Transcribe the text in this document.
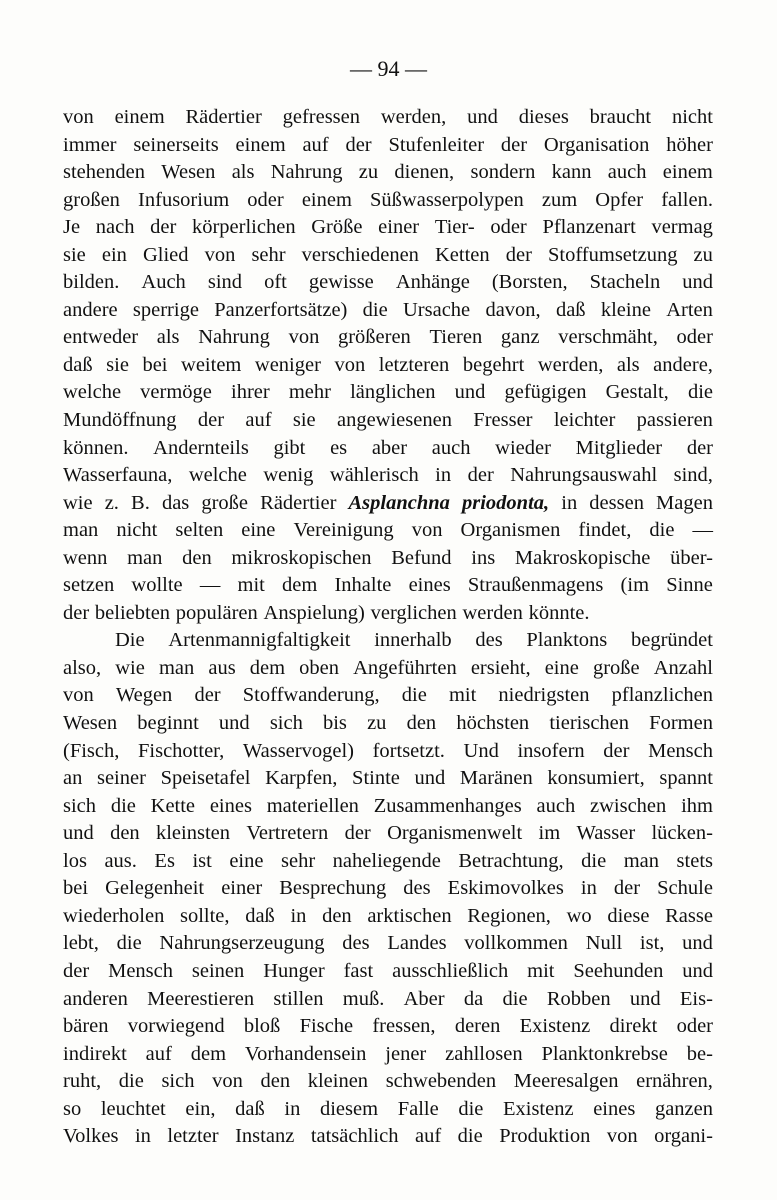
— 94 —
von einem Rädertier gefressen werden, und dieses braucht nicht
immer seinerseits einem auf der Stufenleiter der Organisation höher
stehenden Wesen als Nahrung zu dienen, sondern kann auch einem
großen Infusorium oder einem Süßwasserpolypen zum Opfer fallen.
Je nach der körperlichen Größe einer Tier- oder Pflanzenart vermag
sie ein Glied von sehr verschiedenen Ketten der Stoffumsetzung zu
bilden. Auch sind oft gewisse Anhänge (Borsten, Stacheln und
andere sperrige Panzerfortsätze) die Ursache davon, daß kleine Arten
entweder als Nahrung von größeren Tieren ganz verschmäht, oder
daß sie bei weitem weniger von letzteren begehrt werden, als andere,
welche vermöge ihrer mehr länglichen und gefügigen Gestalt, die
Mundöffnung der auf sie angewiesenen Fresser leichter passieren
können. Andernteils gibt es aber auch wieder Mitglieder der
Wasserfauna, welche wenig wählerisch in der Nahrungsauswahl sind,
wie z. B. das große Rädertier Asplanchna priodonta, in dessen Magen
man nicht selten eine Vereinigung von Organismen findet, die —
wenn man den mikroskopischen Befund ins Makroskopische über-
setzen wollte — mit dem Inhalte eines Straußenmagens (im Sinne
der beliebten populären Anspielung) verglichen werden könnte.
Die Artenmannigfaltigkeit innerhalb des Planktons begründet
also, wie man aus dem oben Angeführten ersieht, eine große Anzahl
von Wegen der Stoffwanderung, die mit niedrigsten pflanzlichen
Wesen beginnt und sich bis zu den höchsten tierischen Formen
(Fisch, Fischotter, Wasservogel) fortsetzt. Und insofern der Mensch
an seiner Speisetafel Karpfen, Stinte und Maränen konsumiert, spannt
sich die Kette eines materiellen Zusammenhanges auch zwischen ihm
und den kleinsten Vertretern der Organismenwelt im Wasser lücken-
los aus. Es ist eine sehr naheliegende Betrachtung, die man stets
bei Gelegenheit einer Besprechung des Eskimovolkes in der Schule
wiederholen sollte, daß in den arktischen Regionen, wo diese Rasse
lebt, die Nahrungserzeugung des Landes vollkommen Null ist, und
der Mensch seinen Hunger fast ausschließlich mit Seehunden und
anderen Meerestieren stillen muß. Aber da die Robben und Eis-
bären vorwiegend bloß Fische fressen, deren Existenz direkt oder
indirekt auf dem Vorhandensein jener zahllosen Planktonkrebse be-
ruht, die sich von den kleinen schwebenden Meeresalgen ernähren,
so leuchtet ein, daß in diesem Falle die Existenz eines ganzen
Volkes in letzter Instanz tatsächlich auf die Produktion von organi-
